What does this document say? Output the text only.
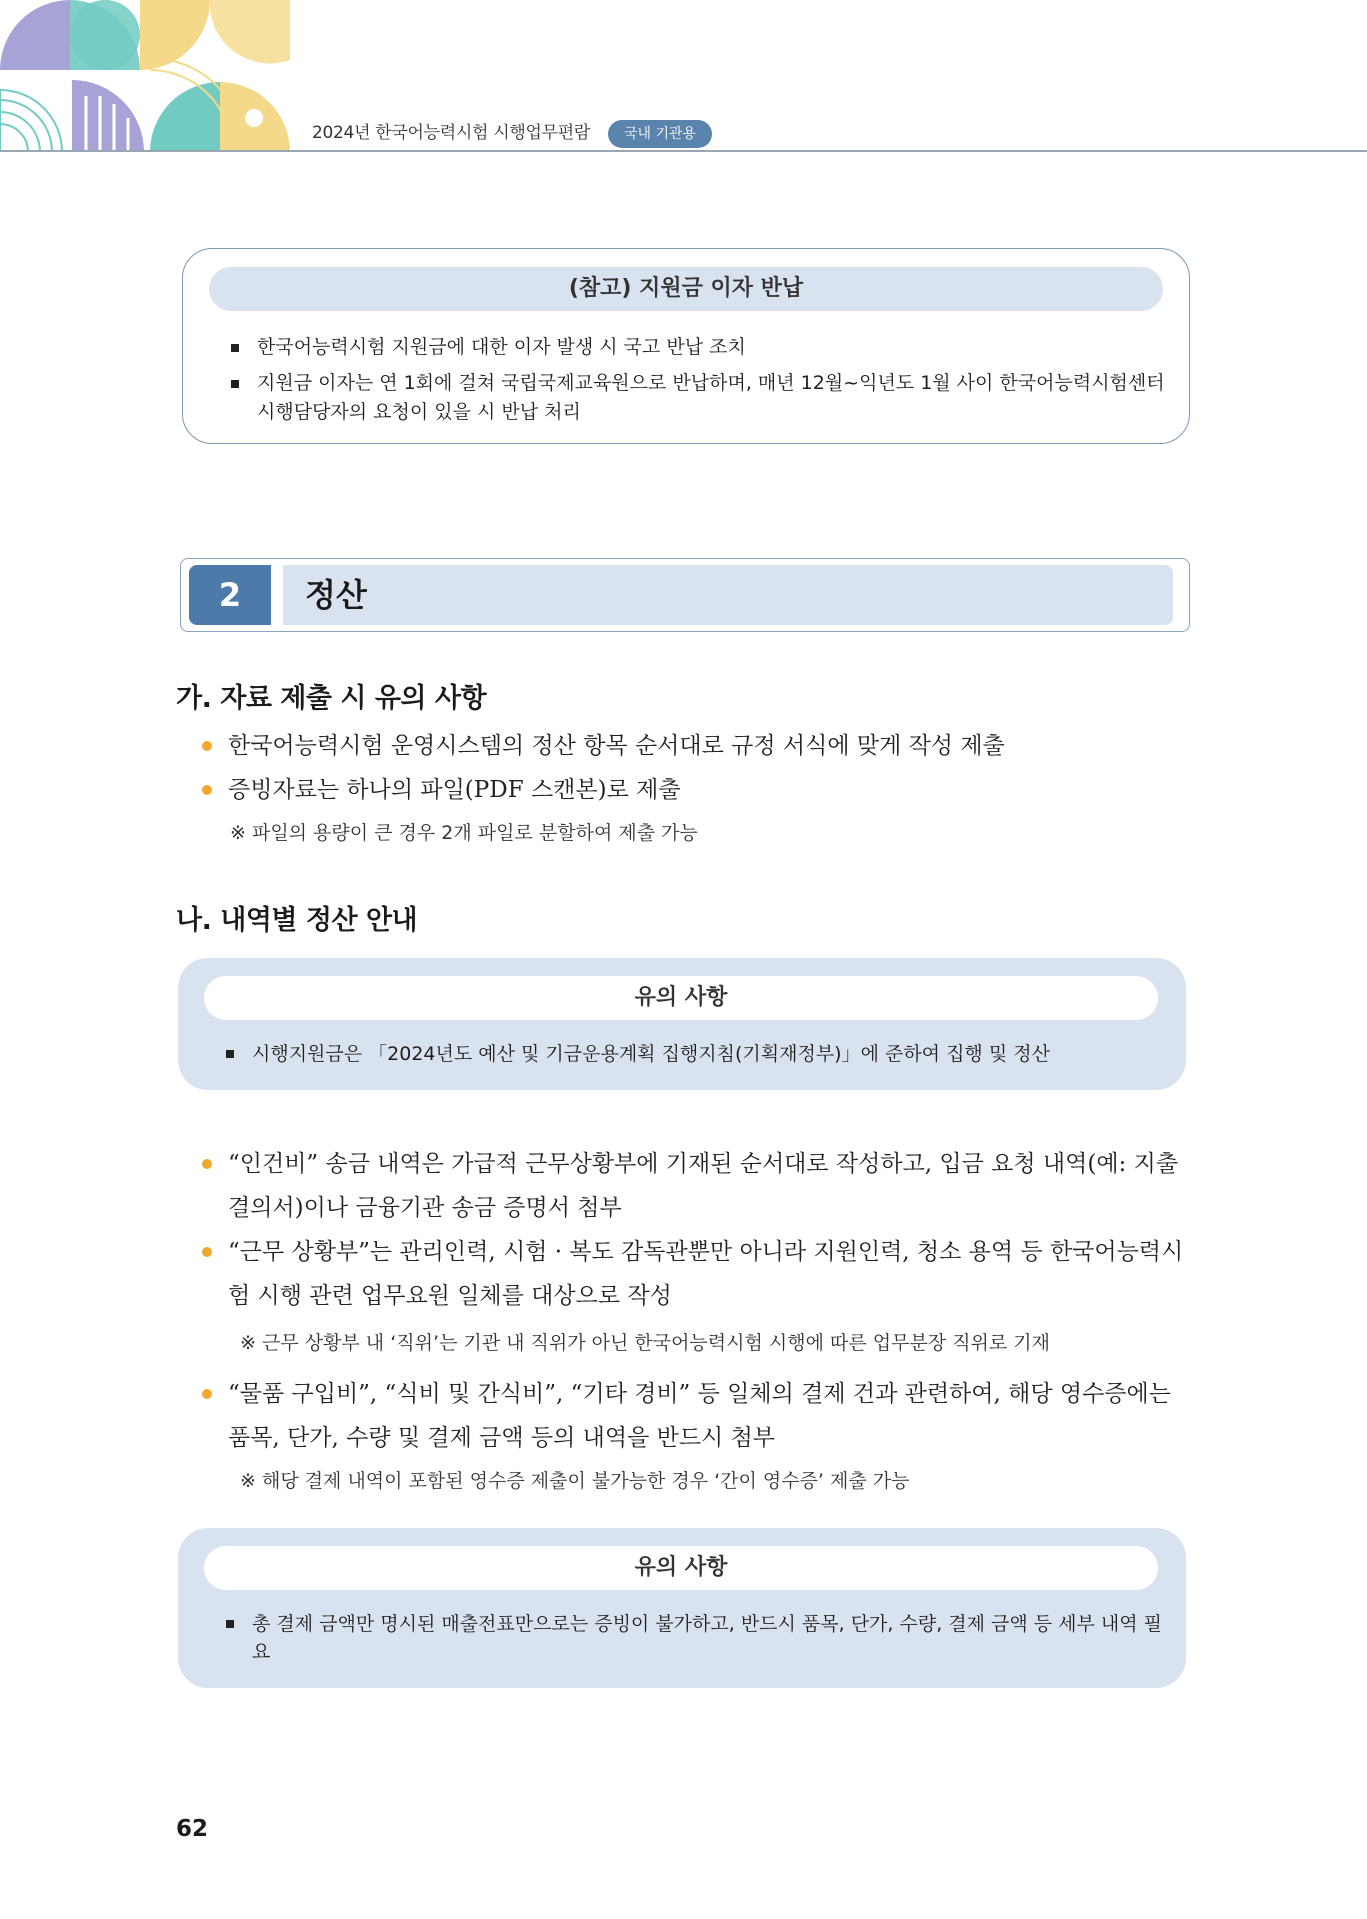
2024년 한국어능력시험 시행업무편람	국내 기관용
(참고) 지원금 이자 반납
한국어능력시험 지원금에 대한 이자 발생 시 국고 반납 조치
지원금 이자는 연 1회에 걸쳐 국립국제교육원으로 반납하며, 매년 12월~익년도 1월 사이 한국어능력시험센터 시행담당자의 요청이 있을 시 반납 처리
2	정산
가. 자료 제출 시 유의 사항
한국어능력시험 운영시스템의 정산 항목 순서대로 규정 서식에 맞게 작성 제출
증빙자료는 하나의 파일(PDF 스캔본)로 제출
※ 파일의 용량이 큰 경우 2개 파일로 분할하여 제출 가능
나. 내역별 정산 안내
유의 사항
시행지원금은 「2024년도 예산 및 기금운용계획 집행지침(기획재정부)」에 준하여 집행 및 정산
“인건비” 송금 내역은 가급적 근무상황부에 기재된 순서대로 작성하고, 입금 요청 내역(예: 지출 결의서)이나 금융기관 송금 증명서 첨부
“근무 상황부”는 관리인력, 시험 · 복도 감독관뿐만 아니라 지원인력, 청소 용역 등 한국어능력시험 시행 관련 업무요원 일체를 대상으로 작성
※ 근무 상황부 내 ‘직위’는 기관 내 직위가 아닌 한국어능력시험 시행에 따른 업무분장 직위로 기재
“물품 구입비”, “식비 및 간식비”, “기타 경비” 등 일체의 결제 건과 관련하여, 해당 영수증에는 품목, 단가, 수량 및 결제 금액 등의 내역을 반드시 첨부
※ 해당 결제 내역이 포함된 영수증 제출이 불가능한 경우 ‘간이 영수증’ 제출 가능
유의 사항
총 결제 금액만 명시된 매출전표만으로는 증빙이 불가하고, 반드시 품목, 단가, 수량, 결제 금액 등 세부 내역 필요
62
